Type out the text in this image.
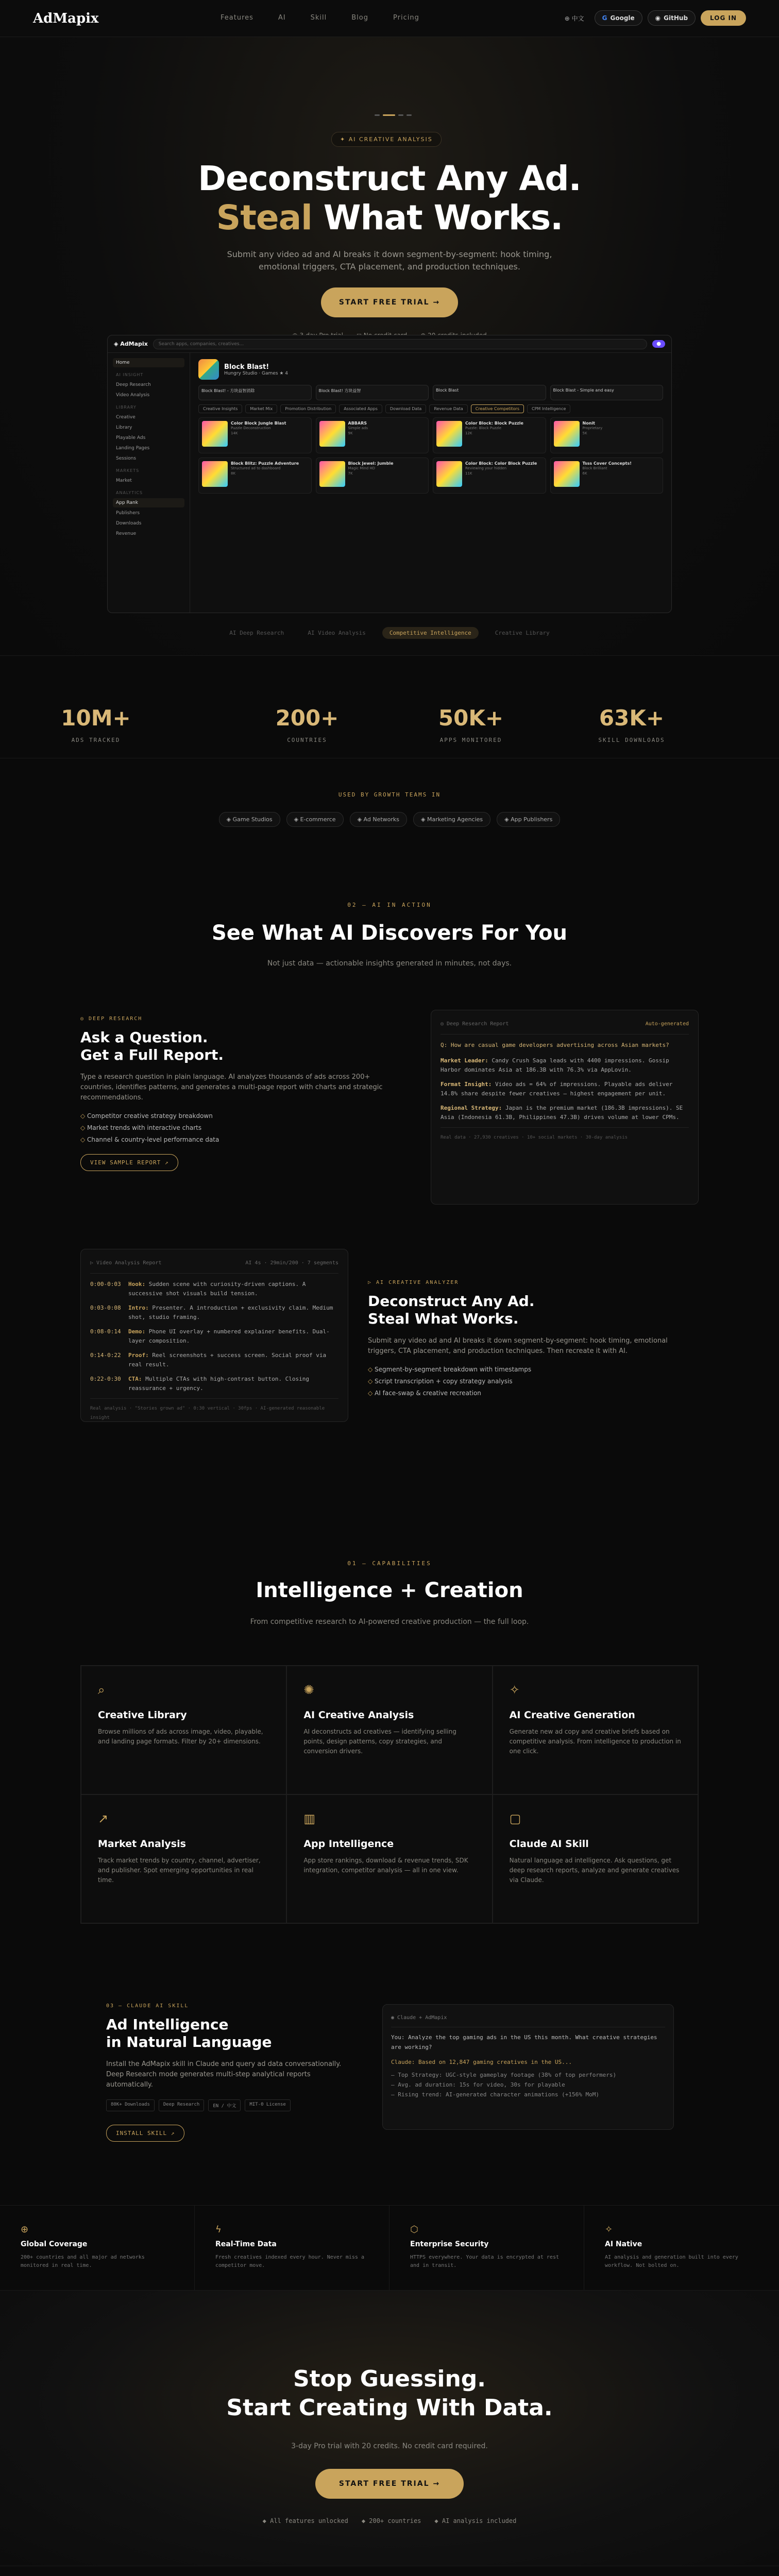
AdMapix	Features	AI	Skill	Blog	Pricing	⊕ 中文	G Google	◉ GitHub	LOG IN
✦ AI CREATIVE ANALYSIS
Deconstruct Any Ad.
Steal What Works.
Submit any video ad and AI breaks it down segment-by-segment: hook timing, emotional triggers, CTA placement, and production techniques.
START FREE TRIAL →
◈ AdMapix	Search apps, companies, creatives...	●
Home
AI INSIGHT
Deep Research
Video Analysis
LIBRARY
Creative
Library
Playable Ads
Landing Pages
Sessions
MARKETS
Market
ANALYTICS
App Rank
Publishers
Downloads
Revenue
Block Blast!
Hungry Studio · Games ★ 4
Block Blast! - 方块益智消除	Block Blast! 方块益智	Block Blast	Block Blast - Simple and easy
Creative Insights	Market Mix	Promotion Distribution	Associated Apps	Download Data	Revenue Data	Creative Competitors	CPM Intelligence
Color Block Jungle Blast
Puzzle Deconstruction
14K
ABBARS
Simple ads
9K
Color Block: Block Puzzle
Puzzle: Block Puzzle
12K
Nonit
Proprietary
5K
Block Blitz: Puzzle Adventure
Structured ad to dashboard
8K
Block Jewel: Jumble
Magic Mind HD
7K
Color Block: Color Block Puzzle
Reviewing your hidden
11K
Tsss Cover Concepts!
Block Brilliant
6K
AI Deep Research	AI Video Analysis	Competitive Intelligence	Creative Library
10M+
ADS TRACKED
200+
COUNTRIES
50K+
APPS MONITORED
63K+
SKILL DOWNLOADS
USED BY GROWTH TEAMS IN
◈ Game Studios	◈ E-commerce	◈ Ad Networks	◈ Marketing Agencies	◈ App Publishers
02 — AI IN ACTION
See What AI Discovers For You
Not just data — actionable insights generated in minutes, not days.
◎ DEEP RESEARCH
Ask a Question.
Get a Full Report.

Type a research question in plain language. AI analyzes thousands of ads across 200+ countries, identifies patterns, and generates a multi-page report with charts and strategic recommendations.

◇ Competitor creative strategy breakdown
◇ Market trends with interactive charts
◇ Channel & country-level performance data
VIEW SAMPLE REPORT ↗
◎ Deep Research Report	Auto-generated
Q: How are casual game developers advertising across Asian markets?
Market Leader: Candy Crush Saga leads with 4400 impressions. Gossip Harbor dominates Asia at 186.3B with 76.3% via AppLovin.
Format Insight: Video ads = 64% of impressions. Playable ads deliver 14.8% share despite fewer creatives — highest engagement per unit.
Regional Strategy: Japan is the premium market (186.3B impressions). SE Asia (Indonesia 61.3B, Philippines 47.3B) drives volume at lower CPMs.
Real data · 27,930 creatives · 10+ social markets · 30-day analysis
▷ Video Analysis Report	AI 4s · 29min/200 · 7 segments
0:00-0:03 Hook: Sudden scene with curiosity-driven captions. A successive shot visuals build tension.
0:03-0:08 Intro: Presenter. A introduction + exclusivity claim. Medium shot, studio framing.
0:08-0:14 Demo: Phone UI overlay + numbered explainer benefits. Dual-layer composition.
0:14-0:22 Proof: Reel screenshots + success screen. Social proof via real result.
0:22-0:30 CTA: Multiple CTAs with high-contrast button. Closing reassurance + urgency.
Real analysis · "Stories grown ad" · 0:30 vertical · 30fps · AI-generated reasonable insight
▷ AI CREATIVE ANALYZER
Deconstruct Any Ad.
Steal What Works.

Submit any video ad and AI breaks it down segment-by-segment: hook timing, emotional triggers, CTA placement, and production techniques. Then recreate it with AI.

◇ Segment-by-segment breakdown with timestamps
◇ Script transcription + copy strategy analysis
◇ AI face-swap & creative recreation
01 — CAPABILITIES
Intelligence + Creation
From competitive research to AI-powered creative production — the full loop.
⌕
Creative Library

Browse millions of ads across image, video, playable, and landing page formats. Filter by 20+ dimensions.

✺
AI Creative Analysis

AI deconstructs ad creatives — identifying selling points, design patterns, copy strategies, and conversion drivers.

✧
AI Creative Generation

Generate new ad copy and creative briefs based on competitive analysis. From intelligence to production in one click.

↗
Market Analysis

Track market trends by country, channel, advertiser, and publisher. Spot emerging opportunities in real time.

▥
App Intelligence

App store rankings, download & revenue trends, SDK integration, competitor analysis — all in one view.

▢
Claude AI Skill

Natural language ad intelligence. Ask questions, get deep research reports, analyze and generate creatives via Claude.

03 — CLAUDE AI SKILL
Ad Intelligence
in Natural Language

Install the AdMapix skill in Claude and query ad data conversationally. Deep Research mode generates multi-step analytical reports automatically.

80K+ Downloads	Deep Research	EN / 中文	MIT-0 License
INSTALL SKILL ↗
◉ Claude + AdMapix
You: Analyze the top gaming ads in the US this month. What creative strategies are working?
Claude: Based on 12,847 gaming creatives in the US...
— Top Strategy: UGC-style gameplay footage (38% of top performers)
— Avg. ad duration: 15s for video, 30s for playable
— Rising trend: AI-generated character animations (+156% MoM)
⊕
Global Coverage

200+ countries and all major ad networks monitored in real time.

ϟ
Real-Time Data

Fresh creatives indexed every hour. Never miss a competitor move.

⬡
Enterprise Security

HTTPS everywhere. Your data is encrypted at rest and in transit.

✧
AI Native

AI analysis and generation built into every workflow. Not bolted on.

Stop Guessing.
Start Creating With Data.
3-day Pro trial with 20 credits. No credit card required.
START FREE TRIAL →
◆ All features unlocked ◆ 200+ countries ◆ AI analysis included
